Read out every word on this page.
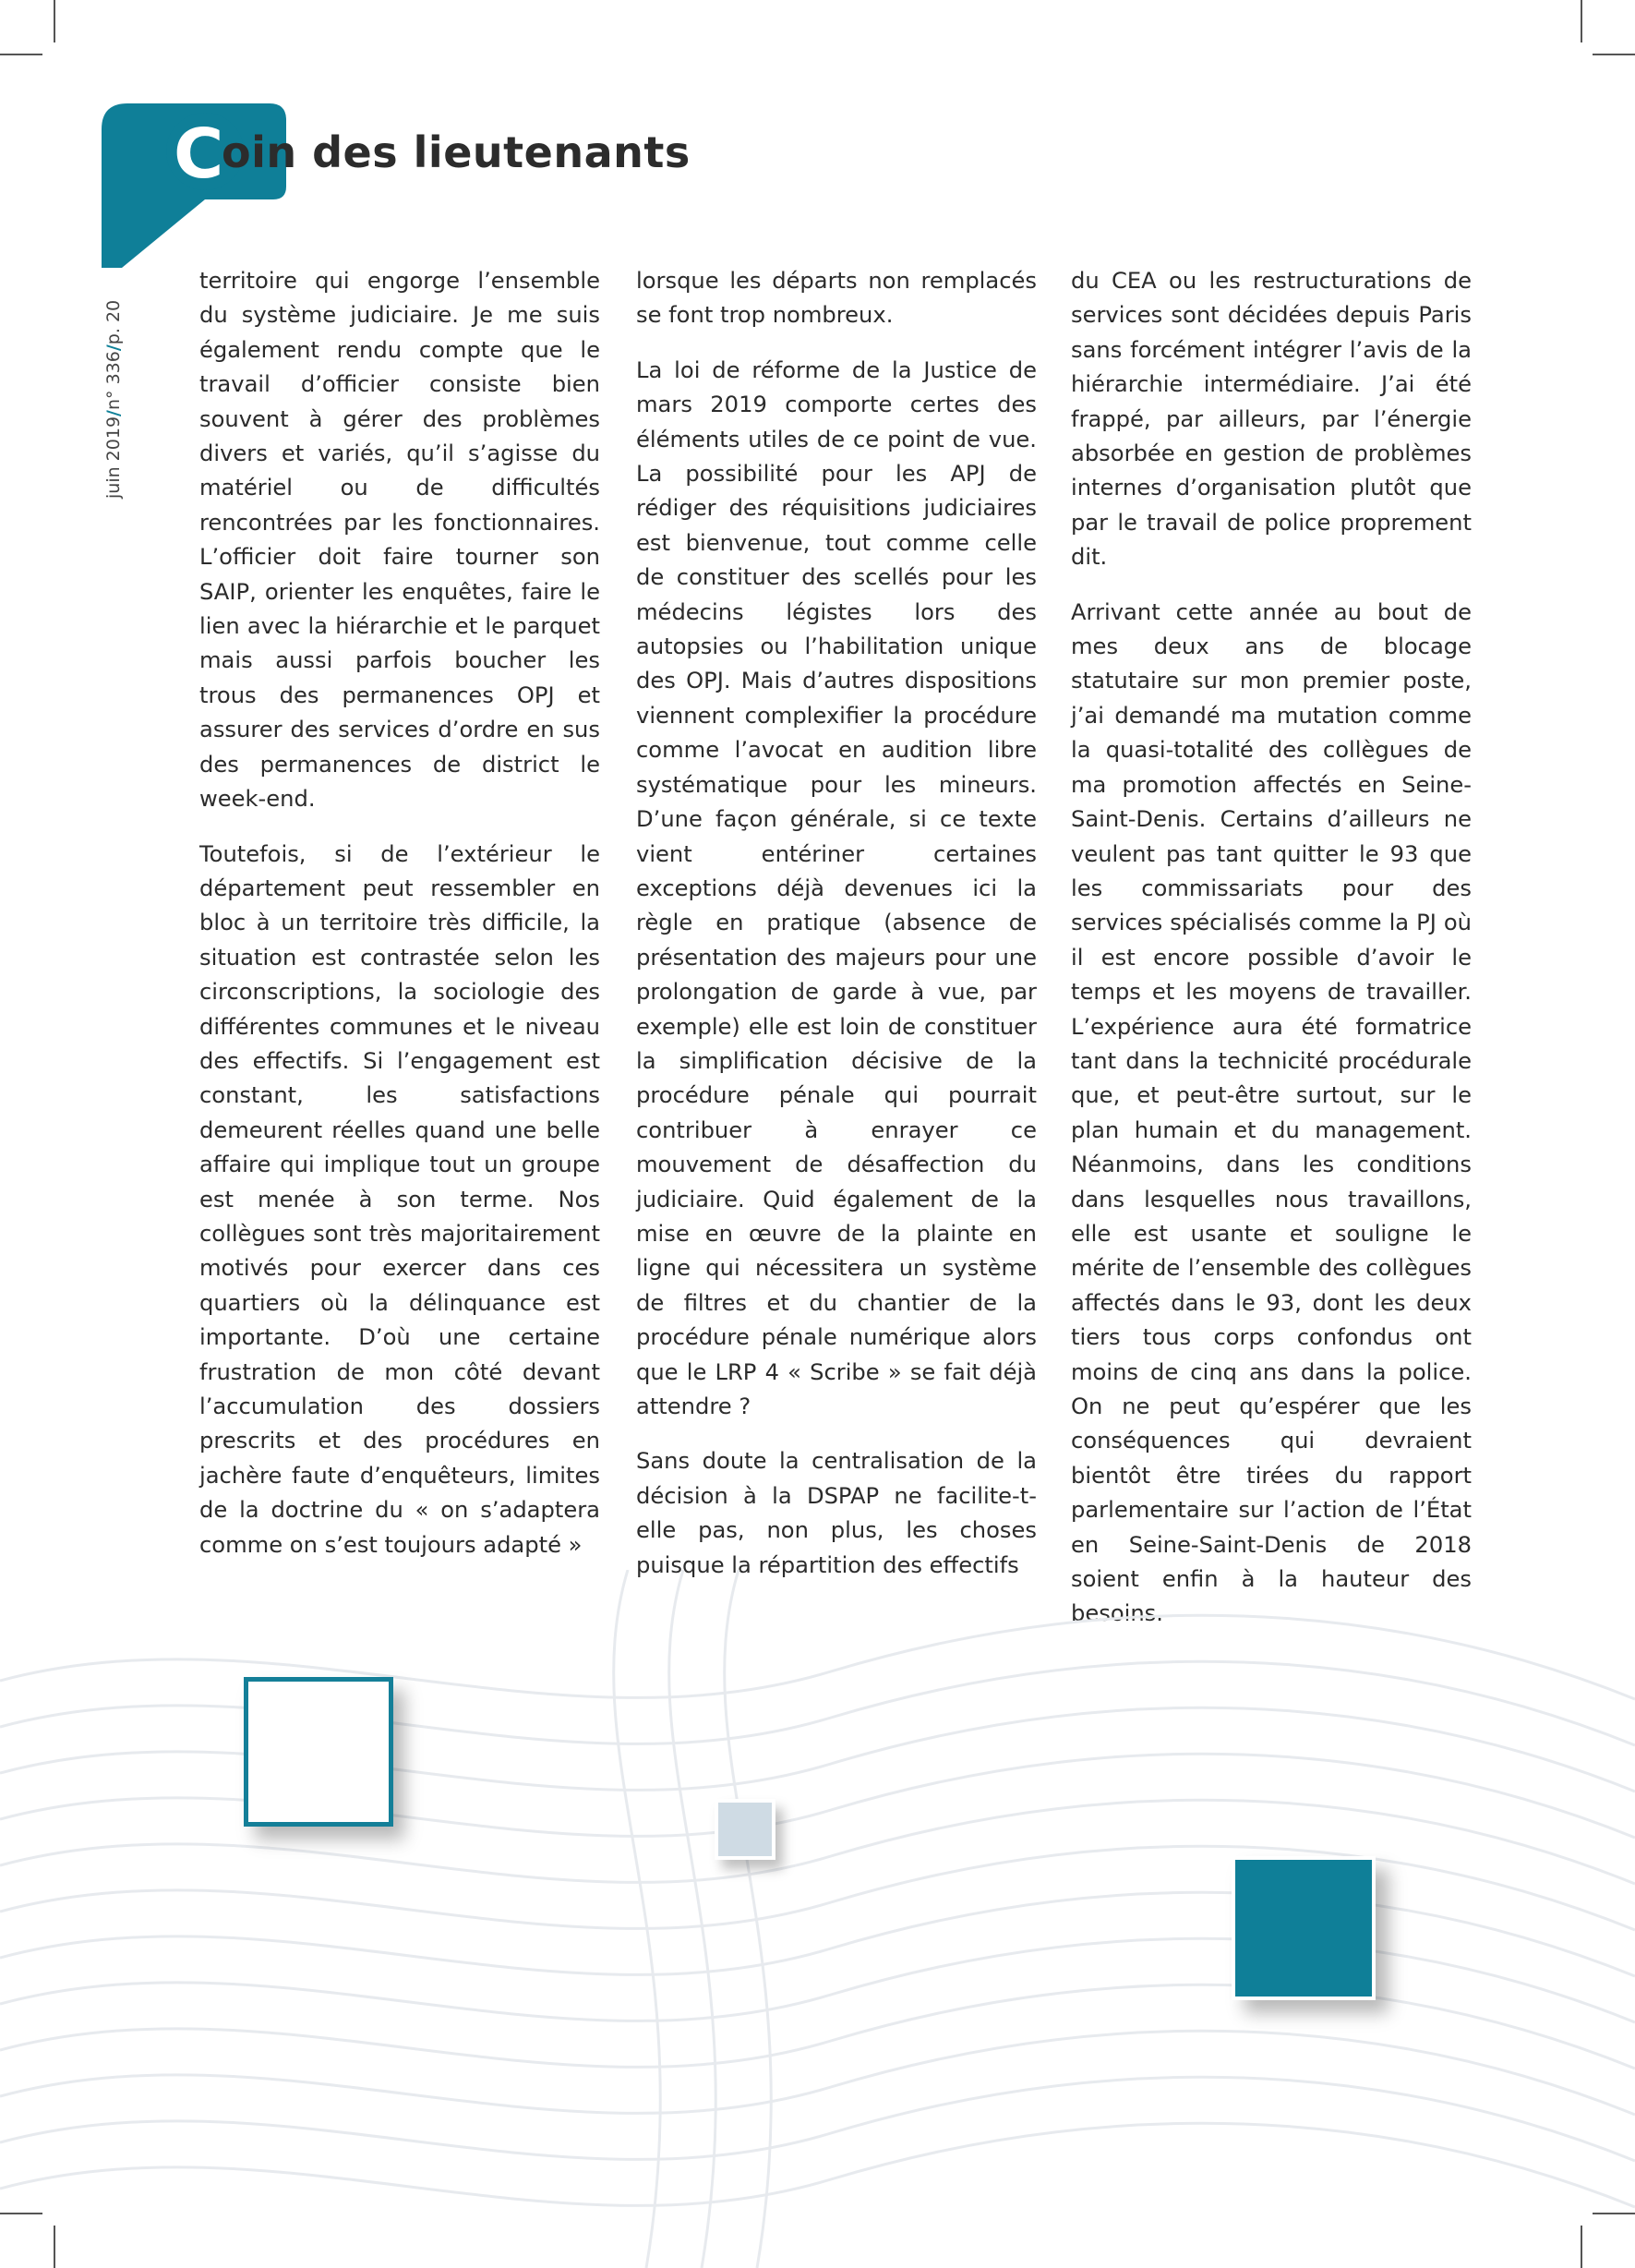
C
oin des lieutenants
juin 2019/n° 336/p. 20

territoire qui engorge l’ensemble du système judiciaire. Je me suis également rendu compte que le travail d’officier consiste bien souvent à gérer des problèmes divers et variés, qu’il s’agisse du matériel ou de difficultés rencontrées par les fonctionnaires. L’officier doit faire tourner son SAIP, orienter les enquêtes, faire le lien avec la hiérarchie et le parquet mais aussi parfois boucher les trous des permanences OPJ et assurer des services d’ordre en sus des permanences de district le week-end.

Toutefois, si de l’extérieur le département peut ressembler en bloc à un territoire très difficile, la situation est contrastée selon les circonscriptions, la sociologie des différentes communes et le niveau des effectifs. Si l’engagement est constant, les satisfactions demeurent réelles quand une belle affaire qui implique tout un groupe est menée à son terme. Nos collègues sont très majoritairement motivés pour exercer dans ces quartiers où la délinquance est importante. D’où une certaine frustration de mon côté devant l’accumulation des dossiers prescrits et des procédures en jachère faute d’enquêteurs, limites de la doctrine du « on s’adaptera comme on s’est toujours adapté »

lorsque les départs non remplacés se font trop nombreux.

La loi de réforme de la Justice de mars 2019 comporte certes des éléments utiles de ce point de vue. La possibilité pour les APJ de rédiger des réquisitions judiciaires est bienvenue, tout comme celle de constituer des scellés pour les médecins légistes lors des autopsies ou l’habilitation unique des OPJ. Mais d’autres dispositions viennent complexifier la procédure comme l’avocat en audition libre systématique pour les mineurs. D’une façon générale, si ce texte vient entériner certaines exceptions déjà devenues ici la règle en pratique (absence de présentation des majeurs pour une prolongation de garde à vue, par exemple) elle est loin de constituer la simplification décisive de la procédure pénale qui pourrait contribuer à enrayer ce mouvement de désaffection du judiciaire. Quid également de la mise en œuvre de la plainte en ligne qui nécessitera un système de filtres et du chantier de la procédure pénale numérique alors que le LRP 4 « Scribe » se fait déjà attendre ?

Sans doute la centralisation de la décision à la DSPAP ne facilite-t-elle pas, non plus, les choses puisque la répartition des effectifs

du CEA ou les restructurations de services sont décidées depuis Paris sans forcément intégrer l’avis de la hiérarchie intermédiaire. J’ai été frappé, par ailleurs, par l’énergie absorbée en gestion de problèmes internes d’organisation plutôt que par le travail de police proprement dit.

Arrivant cette année au bout de mes deux ans de blocage statutaire sur mon premier poste, j’ai demandé ma mutation comme la quasi-totalité des collègues de ma promotion affectés en Seine-Saint-Denis. Certains d’ailleurs ne veulent pas tant quitter le 93 que les commissariats pour des services spécialisés comme la PJ où il est encore possible d’avoir le temps et les moyens de travailler. L’expérience aura été formatrice tant dans la technicité procédurale que, et peut-être surtout, sur le plan humain et du management. Néanmoins, dans les conditions dans lesquelles nous travaillons, elle est usante et souligne le mérite de l’ensemble des collègues affectés dans le 93, dont les deux tiers tous corps confondus ont moins de cinq ans dans la police. On ne peut qu’espérer que les conséquences qui devraient bientôt être tirées du rapport parlementaire sur l’action de l’État en Seine-Saint-Denis de 2018 soient enfin à la hauteur des besoins.
